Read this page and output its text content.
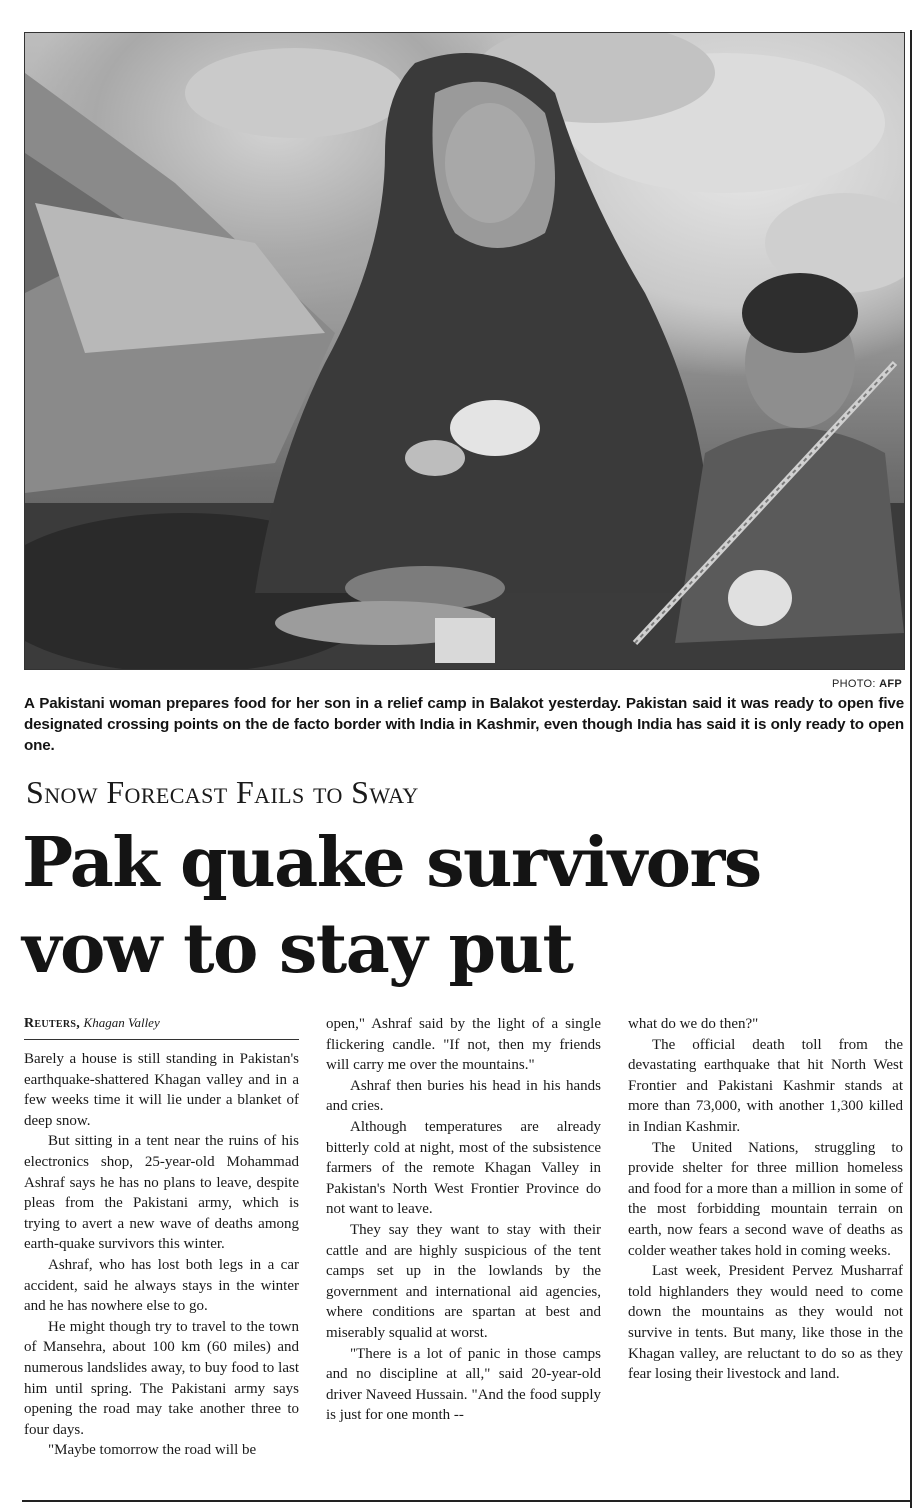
PHOTO: AFP
A Pakistani woman prepares food for her son in a relief camp in Balakot yesterday. Pakistan said it was ready to open five designated crossing points on the de facto border with India in Kashmir, even though India has said it is only ready to open one.
Snow Forecast Fails to Sway
Pak quake survivors vow to stay put
Reuters, Khagan Valley

Barely a house is still standing in Pakistan's earthquake-shattered Khagan valley and in a few weeks time it will lie under a blanket of deep snow.

But sitting in a tent near the ruins of his electronics shop, 25-year-old Mohammad Ashraf says he has no plans to leave, despite pleas from the Pakistani army, which is trying to avert a new wave of deaths among earth-quake survivors this winter.

Ashraf, who has lost both legs in a car accident, said he always stays in the winter and he has nowhere else to go.

He might though try to travel to the town of Mansehra, about 100 km (60 miles) and numerous landslides away, to buy food to last him until spring. The Pakistani army says opening the road may take another three to four days.

"Maybe tomorrow the road will be

open," Ashraf said by the light of a single flickering candle. "If not, then my friends will carry me over the mountains."

Ashraf then buries his head in his hands and cries.

Although temperatures are already bitterly cold at night, most of the subsistence farmers of the remote Khagan Valley in Pakistan's North West Frontier Province do not want to leave.

They say they want to stay with their cattle and are highly suspicious of the tent camps set up in the lowlands by the government and international aid agencies, where conditions are spartan at best and miserably squalid at worst.

"There is a lot of panic in those camps and no discipline at all," said 20-year-old driver Naveed Hussain. "And the food supply is just for one month --

what do we do then?"

The official death toll from the devastating earthquake that hit North West Frontier and Pakistani Kashmir stands at more than 73,000, with another 1,300 killed in Indian Kashmir.

The United Nations, struggling to provide shelter for three million homeless and food for a more than a million in some of the most forbidding mountain terrain on earth, now fears a second wave of deaths as colder weather takes hold in coming weeks.

Last week, President Pervez Musharraf told highlanders they would need to come down the mountains as they would not survive in tents. But many, like those in the Khagan valley, are reluctant to do so as they fear losing their livestock and land.
